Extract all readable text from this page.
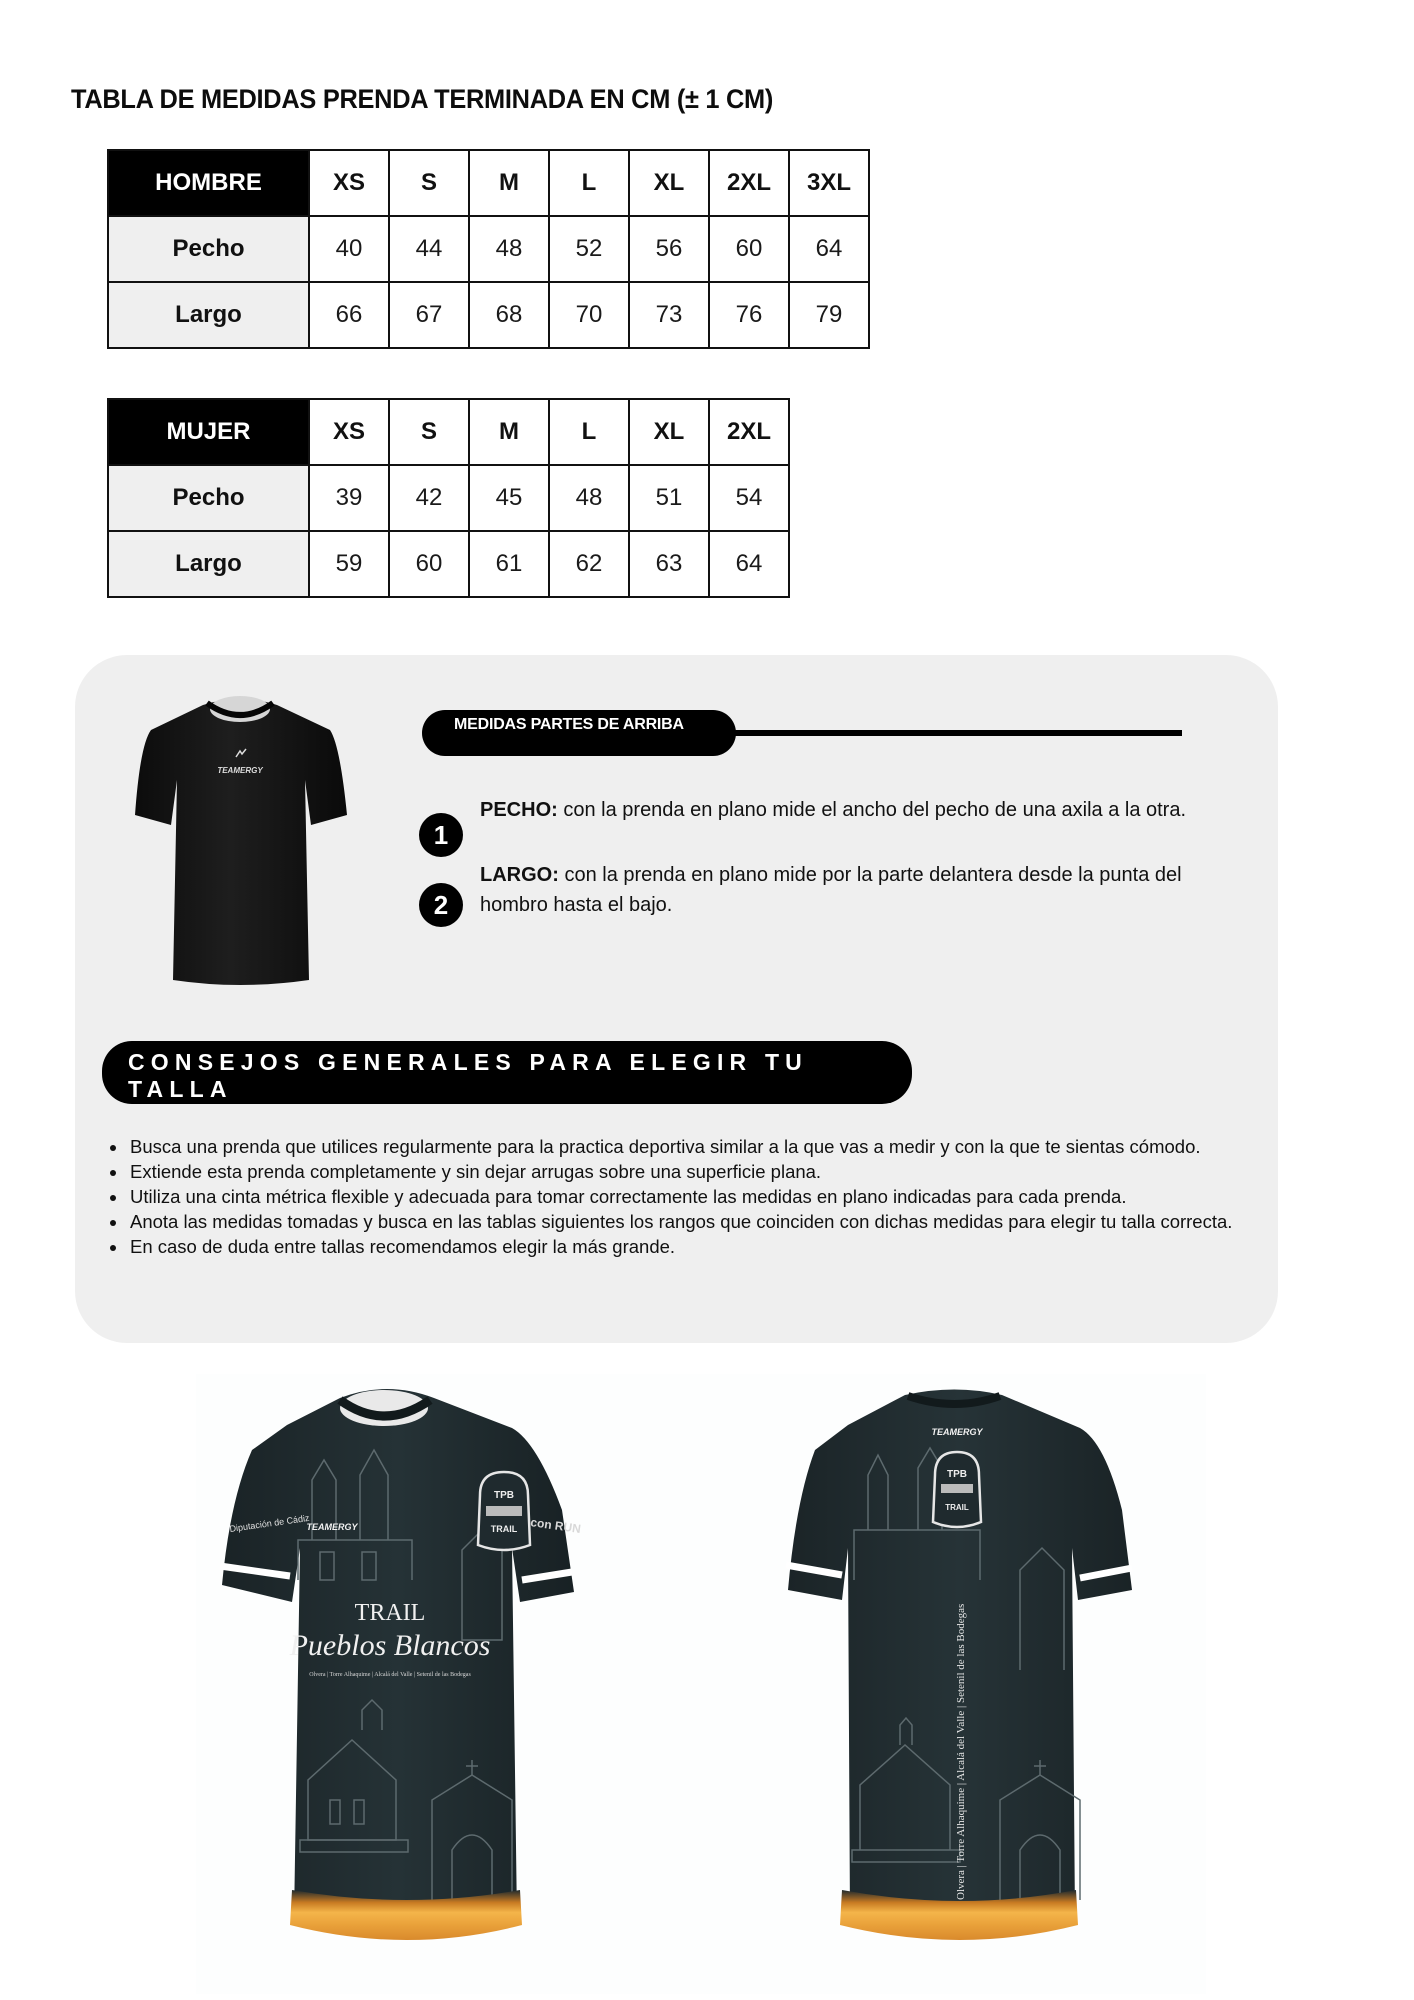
TABLA DE MEDIDAS PRENDA TERMINADA EN CM (± 1 CM)
HOMBRE	XS	S	M	L	XL	2XL	3XL
Pecho	40	44	48	52	56	60	64
Largo	66	67	68	70	73	76	79
MUJER	XS	S	M	L	XL	2XL
Pecho	39	42	45	48	51	54
Largo	59	60	61	62	63	64
TEAMERGY
MEDIDAS PARTES DE ARRIBA
1
2
PECHO: con la prenda en plano mide el ancho del pecho de una axila a la otra.
LARGO: con la prenda en plano mide por la parte delantera desde la punta del hombro hasta el bajo.
CONSEJOS GENERALES PARA ELEGIR TU TALLA
Busca una prenda que utilices regularmente para la practica deportiva similar a la que vas a medir y con la que te sientas cómodo.
Extiende esta prenda completamente y sin dejar arrugas sobre una superficie plana.
Utiliza una cinta métrica flexible y adecuada para tomar correctamente las medidas en plano indicadas para cada prenda.
Anota las medidas tomadas y busca en las tablas siguientes los rangos que coinciden con dichas medidas para elegir tu talla correcta.
En caso de duda entre tallas recomendamos elegir la más grande.
TEAMERGY
TPB
TRAIL
TRAIL
Pueblos Blancos
Olvera | Torre Alhaquime | Alcalá del Valle | Setenil de las Bodegas
Diputación de Cádiz	con RUN
TEAMERGY
TPB
TRAIL
Olvera | Torre Alhaquime | Alcalá del Valle | Setenil de las Bodegas
